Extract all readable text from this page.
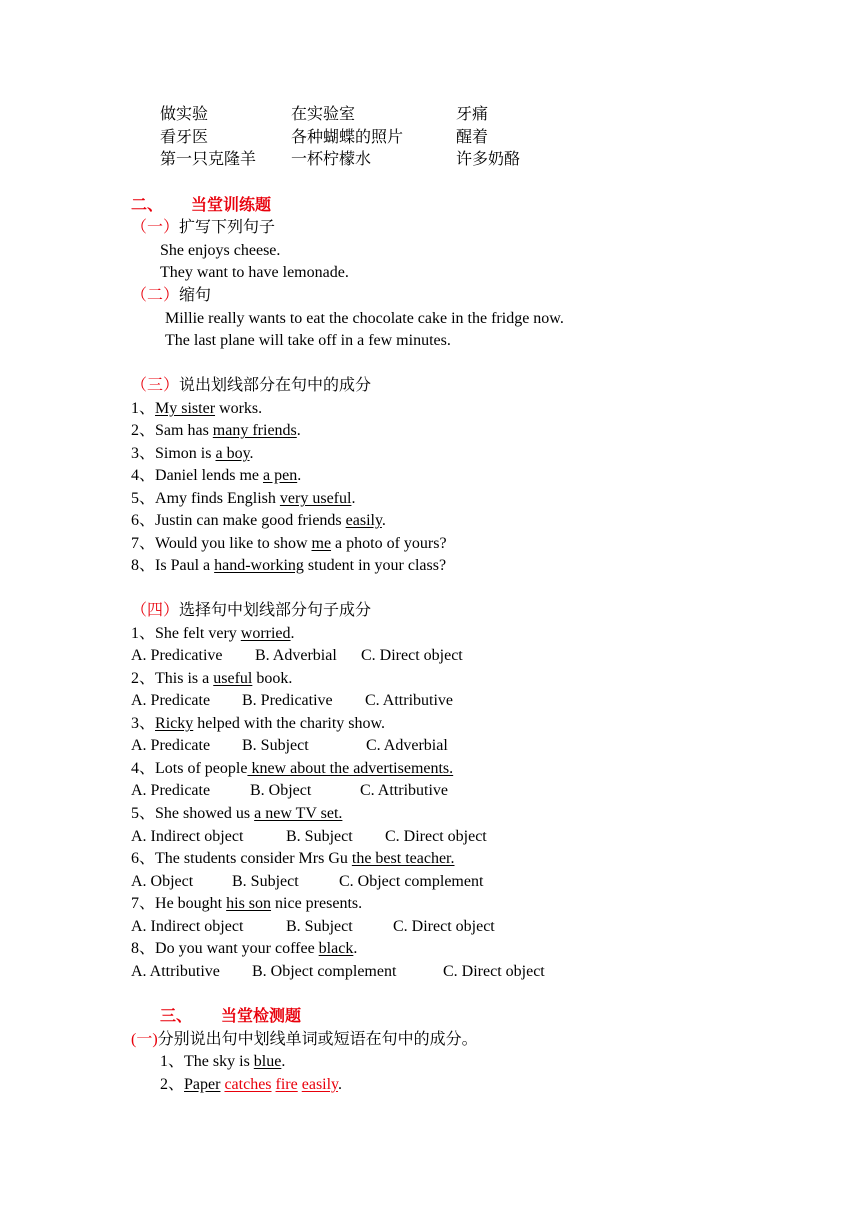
做实验	在实验室	牙痛
看牙医	各种蝴蝶的照片	醒着
第一只克隆羊 一杯柠檬水	许多奶酪
二、 当堂训练题
（一）扩写下列句子
She enjoys cheese.
They want to have lemonade.
（二）缩句
Millie really wants to eat the chocolate cake in the fridge now.
The last plane will take off in a few minutes.
（三）说出划线部分在句中的成分
1、My sister works.
2、Sam has many friends.
3、Simon is a boy.
4、Daniel lends me a pen.
5、Amy finds English very useful.
6、Justin can make good friends easily.
7、Would you like to show me a photo of yours?
8、Is Paul a hand-working student in your class?
（四）选择句中划线部分句子成分
1、She felt very worried.
A. Predicative B. Adverbial C. Direct object
2、This is a useful book.
A. Predicate B. Predicative C. Attributive
3、Ricky helped with the charity show.
A. Predicate B. Subject	C. Adverbial
4、Lots of people knew about the advertisements.
A. Predicate B. Object	C. Attributive
5、She showed us a new TV set.
A. Indirect object	B. Subject C. Direct object
6、The students consider Mrs Gu the best teacher.
A. Object B. Subject	C. Object complement
7、He bought his son nice presents.
A. Indirect object	B. Subject	C. Direct object
8、Do you want your coffee black.
A. Attributive B. Object complement	C. Direct object
三、 当堂检测题
(一)分别说出句中划线单词或短语在句中的成分。
1、The sky is blue.
2、Paper catches fire easily.
